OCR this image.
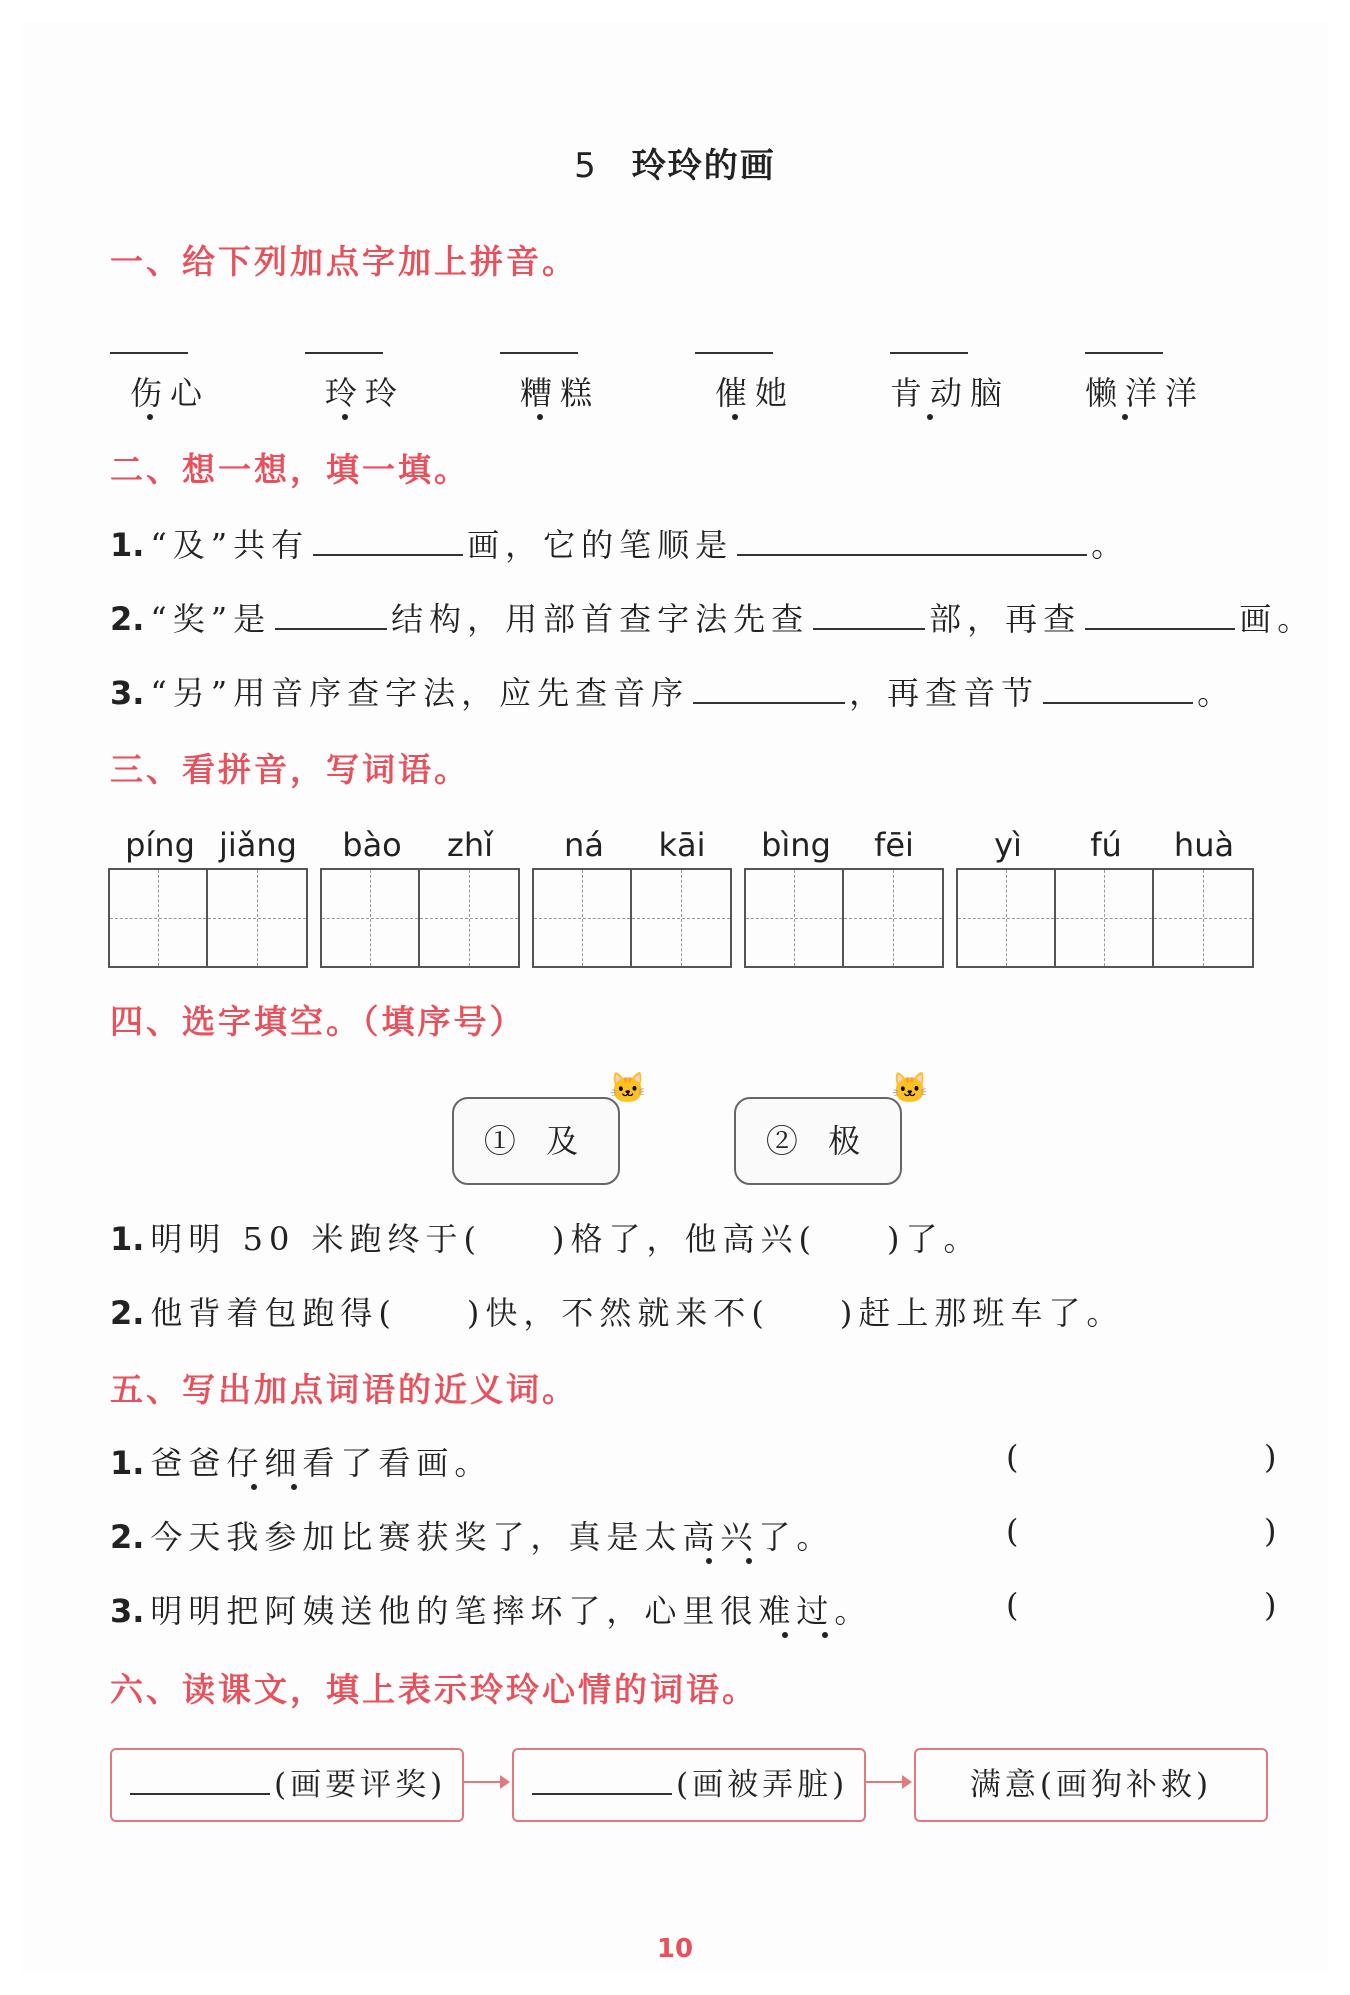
5 玲玲的画
一、给下列加点字加上拼音。
伤心	玲玲	糟糕	催她	肯动脑	懒洋洋
二、想一想，填一填。
1. “及”共有	画，它的笔顺是	。
2. “奖”是	结构，用部首查字法先查	部，再查	画。
3. “另”用音序查字法，应先查音序	，再查音节	。
三、看拼音，写词语。
píng jiǎng	bào	zhǐ	ná	kāi	bìng	fēi	yì	fú	huà
四、选字填空。（填序号）
① 及
🐱
② 极
🐱
1. 明明 50 米跑终于( )格了，他高兴( )了。
2. 他背着包跑得( )快，不然就来不( )赶上那班车了。
五、写出加点词语的近义词。
1. 爸爸仔细看了看画。	(	)
2. 今天我参加比赛获奖了，真是太高兴了。	(	)
3. 明明把阿姨送他的笔摔坏了，心里很难过。	(	)
六、读课文，填上表示玲玲心情的词语。
(画要评奖)	(画被弄脏)	满意(画狗补救)
10
